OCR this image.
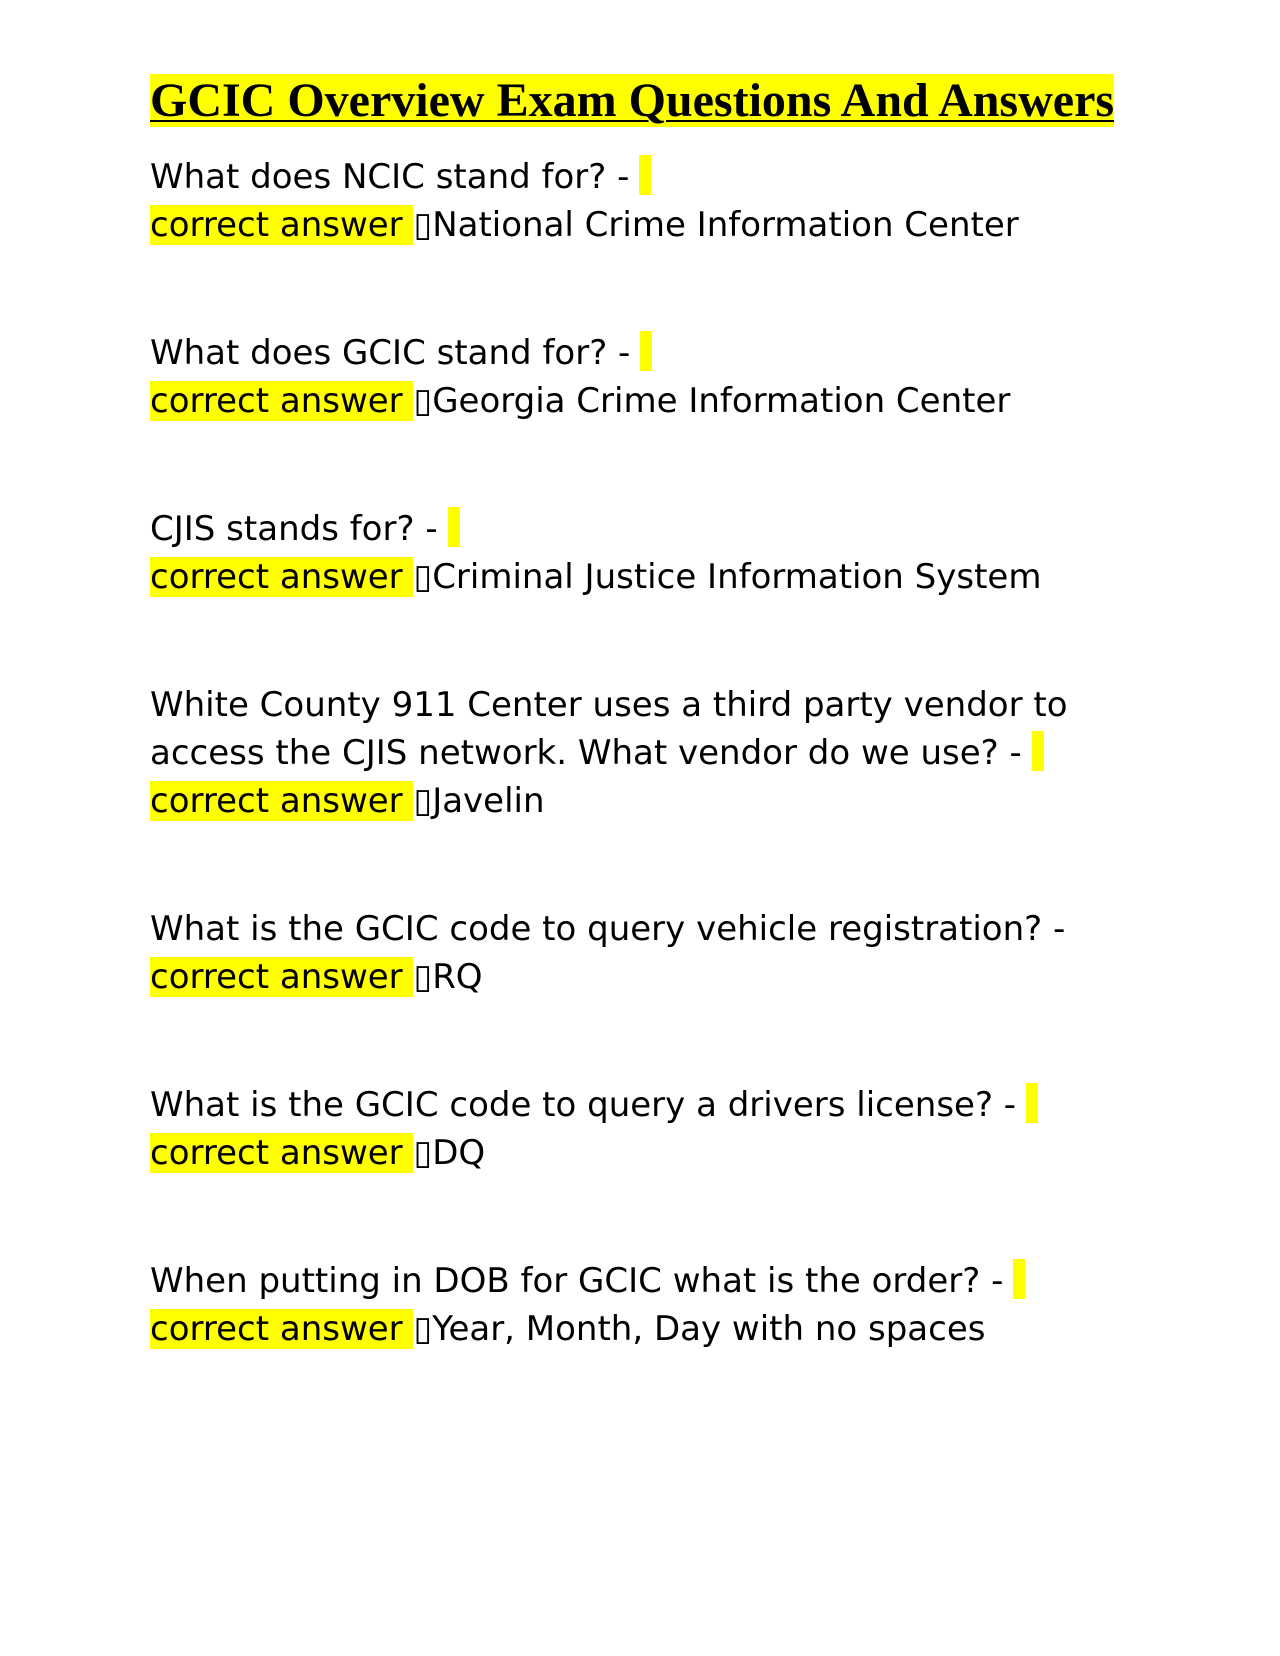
GCIC Overview Exam Questions And Answers
What does NCIC stand for? -
correct answer ▯National Crime Information Center
What does GCIC stand for? -
correct answer ▯Georgia Crime Information Center
CJIS stands for? -
correct answer ▯Criminal Justice Information System
White County 911 Center uses a third party vendor to access the CJIS network. What vendor do we use? -
correct answer ▯Javelin
What is the GCIC code to query vehicle registration? -
correct answer ▯RQ
What is the GCIC code to query a drivers license? -
correct answer ▯DQ
When putting in DOB for GCIC what is the order? -
correct answer ▯Year, Month, Day with no spaces
